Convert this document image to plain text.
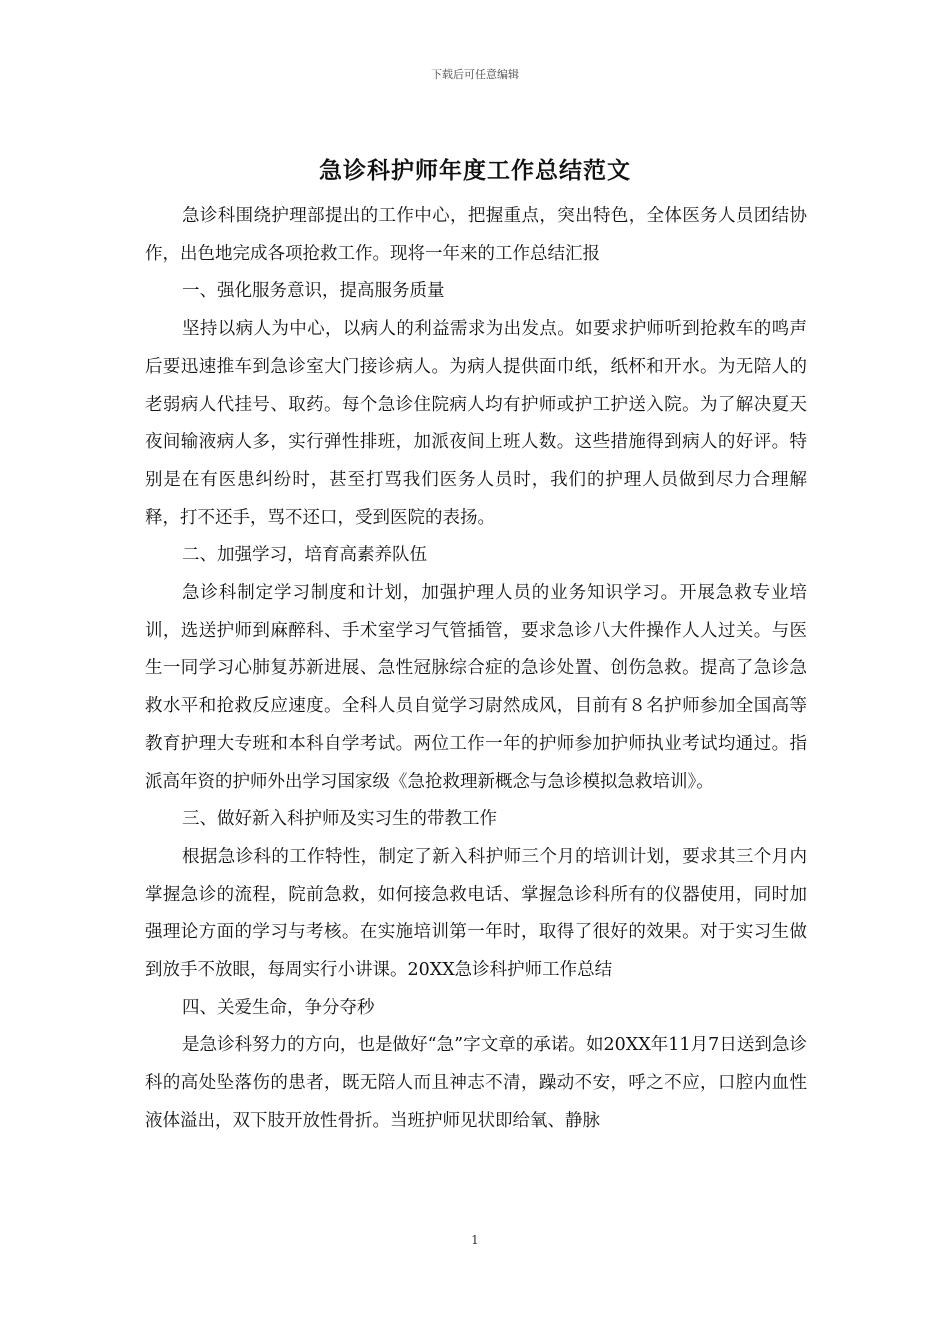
下载后可任意编辑
急诊科护师年度工作总结范文

急诊科围绕护理部提出的工作中心，把握重点，突出特色，全体医务人员团结协作，出色地完成各项抢救工作。现将一年来的工作总结汇报

一、强化服务意识，提高服务质量

坚持以病人为中心，以病人的利益需求为出发点。如要求护师听到抢救车的鸣声后要迅速推车到急诊室大门接诊病人。为病人提供面巾纸，纸杯和开水。为无陪人的老弱病人代挂号、取药。每个急诊住院病人均有护师或护工护送入院。为了解决夏天夜间输液病人多，实行弹性排班，加派夜间上班人数。这些措施得到病人的好评。特别是在有医患纠纷时，甚至打骂我们医务人员时，我们的护理人员做到尽力合理解释，打不还手，骂不还口，受到医院的表扬。

二、加强学习，培育高素养队伍

急诊科制定学习制度和计划，加强护理人员的业务知识学习。开展急救专业培训，选送护师到麻醉科、手术室学习气管插管，要求急诊八大件操作人人过关。与医生一同学习心肺复苏新进展、急性冠脉综合症的急诊处置、创伤急救。提高了急诊急救水平和抢救反应速度。全科人员自觉学习尉然成风，目前有８名护师参加全国高等教育护理大专班和本科自学考试。两位工作一年的护师参加护师执业考试均通过。指派高年资的护师外出学习国家级《急抢救理新概念与急诊模拟急救培训》。

三、做好新入科护师及实习生的带教工作

根据急诊科的工作特性，制定了新入科护师三个月的培训计划，要求其三个月内掌握急诊的流程，院前急救，如何接急救电话、掌握急诊科所有的仪器使用，同时加强理论方面的学习与考核。在实施培训第一年时，取得了很好的效果。对于实习生做到放手不放眼，每周实行小讲课。20XX急诊科护师工作总结

四、关爱生命，争分夺秒

是急诊科努力的方向，也是做好“急”字文章的承诺。如20XX年11月7日送到急诊科的高处坠落伤的患者，既无陪人而且神志不清，躁动不安，呼之不应，口腔内血性液体溢出，双下肢开放性骨折。当班护师见状即给氧、静脉

1
